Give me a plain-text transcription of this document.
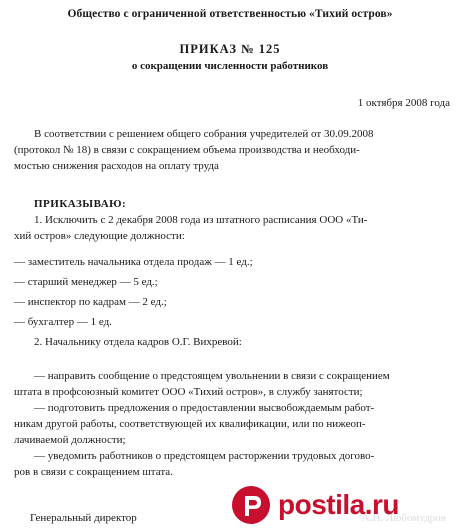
Общество с ограниченной ответственностью «Тихий остров»
ПРИКАЗ № 125
о сокращении численности работников
1 октября 2008 года
В соответствии с решением общего собрания учредителей от 30.09.2008
(протокол № 18) в связи с сокращением объема производства и необходи-
мостью снижения расходов на оплату труда
ПРИКАЗЫВАЮ:
1. Исключить с 2 декабря 2008 года из штатного расписания ООО «Ти-
хий остров» следующие должности:
— заместитель начальника отдела продаж — 1 ед.;
— старший менеджер — 5 ед.;
— инспектор по кадрам — 2 ед.;
— бухгалтер — 1 ед.
2. Начальнику отдела кадров О.Г. Вихревой:
— направить сообщение о предстоящем увольнении в связи с сокращением
штата в профсоюзный комитет ООО «Тихий остров», в службу занятости;
— подготовить предложения о предоставлении высвобождаемым работ-
никам другой работы, соответствующей их квалификации, или по нижеоп-
лачиваемой должности;
— уведомить работников о предстоящем расторжении трудовых догово-
ров в связи с сокращением штата.
Генеральный директор	postila.ru
